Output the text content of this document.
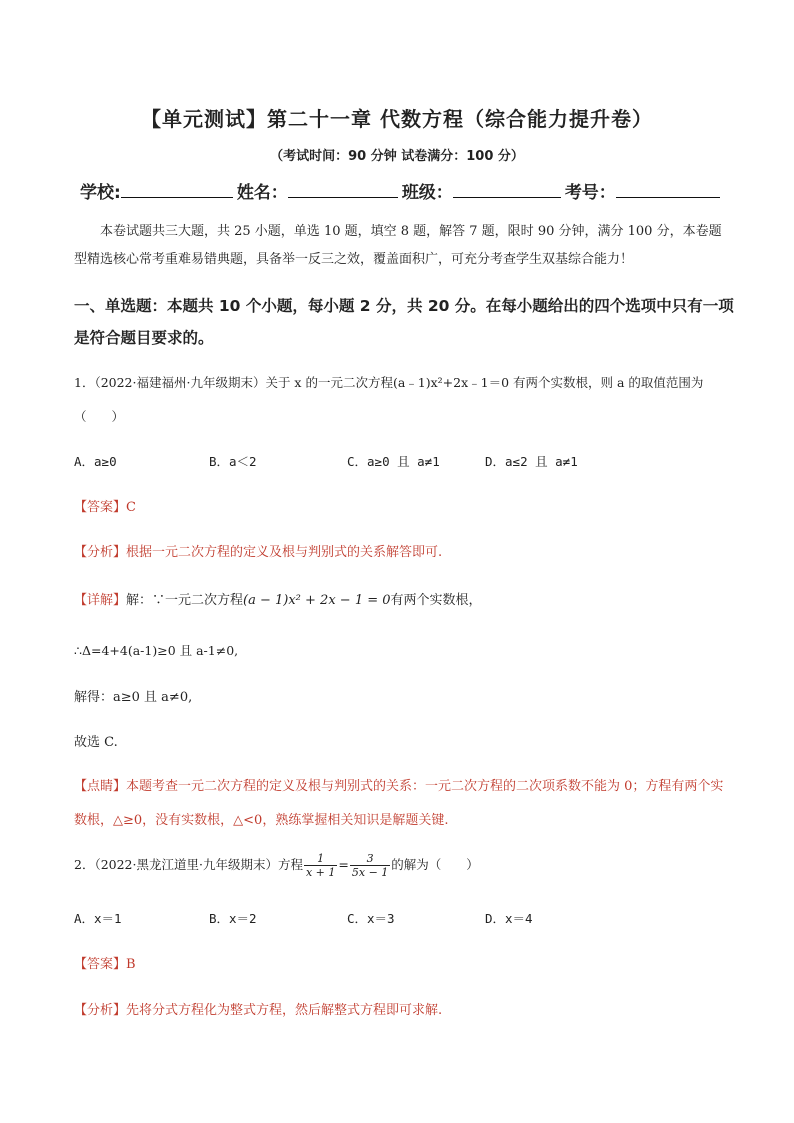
【单元测试】第二十一章 代数方程（综合能力提升卷）
（考试时间：90 分钟 试卷满分：100 分）
学校:	姓名：	班级：	考号：
本卷试题共三大题，共 25 小题，单选 10 题，填空 8 题，解答 7 题，限时 90 分钟，满分 100 分，本卷题型精选核心常考重难易错典题，具备举一反三之效，覆盖面积广，可充分考查学生双基综合能力！
一、单选题：本题共 10 个小题，每小题 2 分，共 20 分。在每小题给出的四个选项中只有一项是符合题目要求的。
1．（2022·福建福州·九年级期末）关于 x 的一元二次方程(a﹣1)x²+2x﹣1＝0 有两个实数根，则 a 的取值范围为（　　）
A．a≥0	B．a＜2	C．a≥0 且 a≠1	D．a≤2 且 a≠1
【答案】C
【分析】根据一元二次方程的定义及根与判别式的关系解答即可.
【详解】解：∵一元二次方程(a − 1)x² + 2x − 1 = 0有两个实数根，
∴Δ=4+4(a-1)≥0 且 a-1≠0,
解得：a≥0 且 a≠0,
故选 C.
【点睛】本题考查一元二次方程的定义及根与判别式的关系：一元二次方程的二次项系数不能为 0；方程有两个实数根，△≥0，没有实数根，△<0，熟练掌握相关知识是解题关键.
2．（2022·黑龙江道里·九年级期末）方程 $\frac{1}{x + 1} = \frac{3}{5x - 1}$ 的解为（　　）
A．x＝1	B．x＝2	C．x＝3	D．x＝4
【答案】B
【分析】先将分式方程化为整式方程，然后解整式方程即可求解.
